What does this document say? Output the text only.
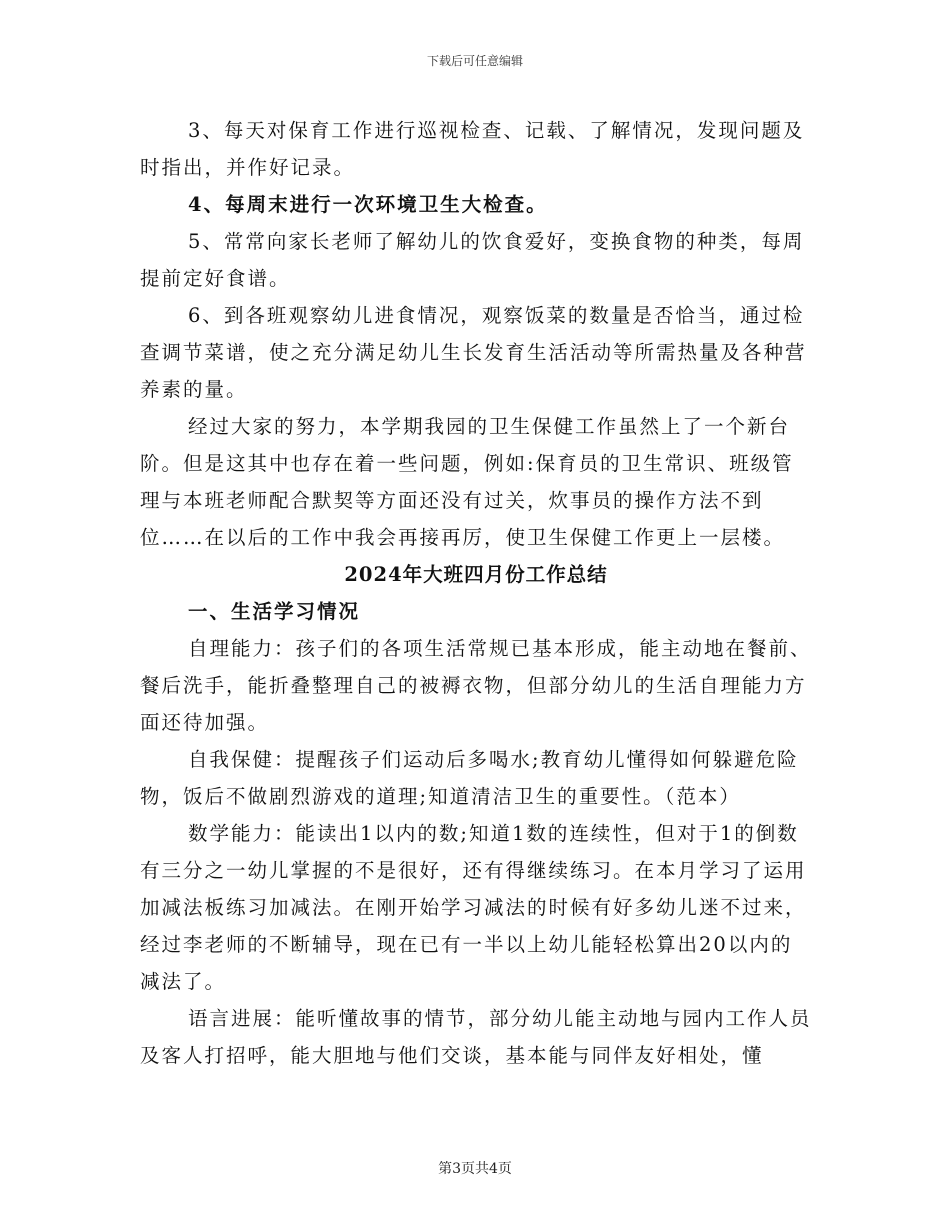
下载后可任意编辑

3、每天对保育工作进行巡视检查、记载、了解情况，发现问题及时指出，并作好记录。

4、每周末进行一次环境卫生大检查。

5、常常向家长老师了解幼儿的饮食爱好，变换食物的种类，每周提前定好食谱。

6、到各班观察幼儿进食情况，观察饭菜的数量是否恰当，通过检查调节菜谱，使之充分满足幼儿生长发育生活活动等所需热量及各种营养素的量。

经过大家的努力，本学期我园的卫生保健工作虽然上了一个新台阶。但是这其中也存在着一些问题，例如:保育员的卫生常识、班级管理与本班老师配合默契等方面还没有过关，炊事员的操作方法不到位……在以后的工作中我会再接再厉，使卫生保健工作更上一层楼。

2024年大班四月份工作总结

一、生活学习情况

自理能力：孩子们的各项生活常规已基本形成，能主动地在餐前、餐后洗手，能折叠整理自己的被褥衣物，但部分幼儿的生活自理能力方面还待加强。

自我保健：提醒孩子们运动后多喝水;教育幼儿懂得如何躲避危险物，饭后不做剧烈游戏的道理;知道清洁卫生的重要性。（范本）

数学能力：能读出1以内的数;知道1数的连续性，但对于1的倒数有三分之一幼儿掌握的不是很好，还有得继续练习。在本月学习了运用加减法板练习加减法。在刚开始学习减法的时候有好多幼儿迷不过来，经过李老师的不断辅导，现在已有一半以上幼儿能轻松算出20以内的减法了。

语言进展：能听懂故事的情节，部分幼儿能主动地与园内工作人员及客人打招呼，能大胆地与他们交谈，基本能与同伴友好相处，懂

第3页共4页
